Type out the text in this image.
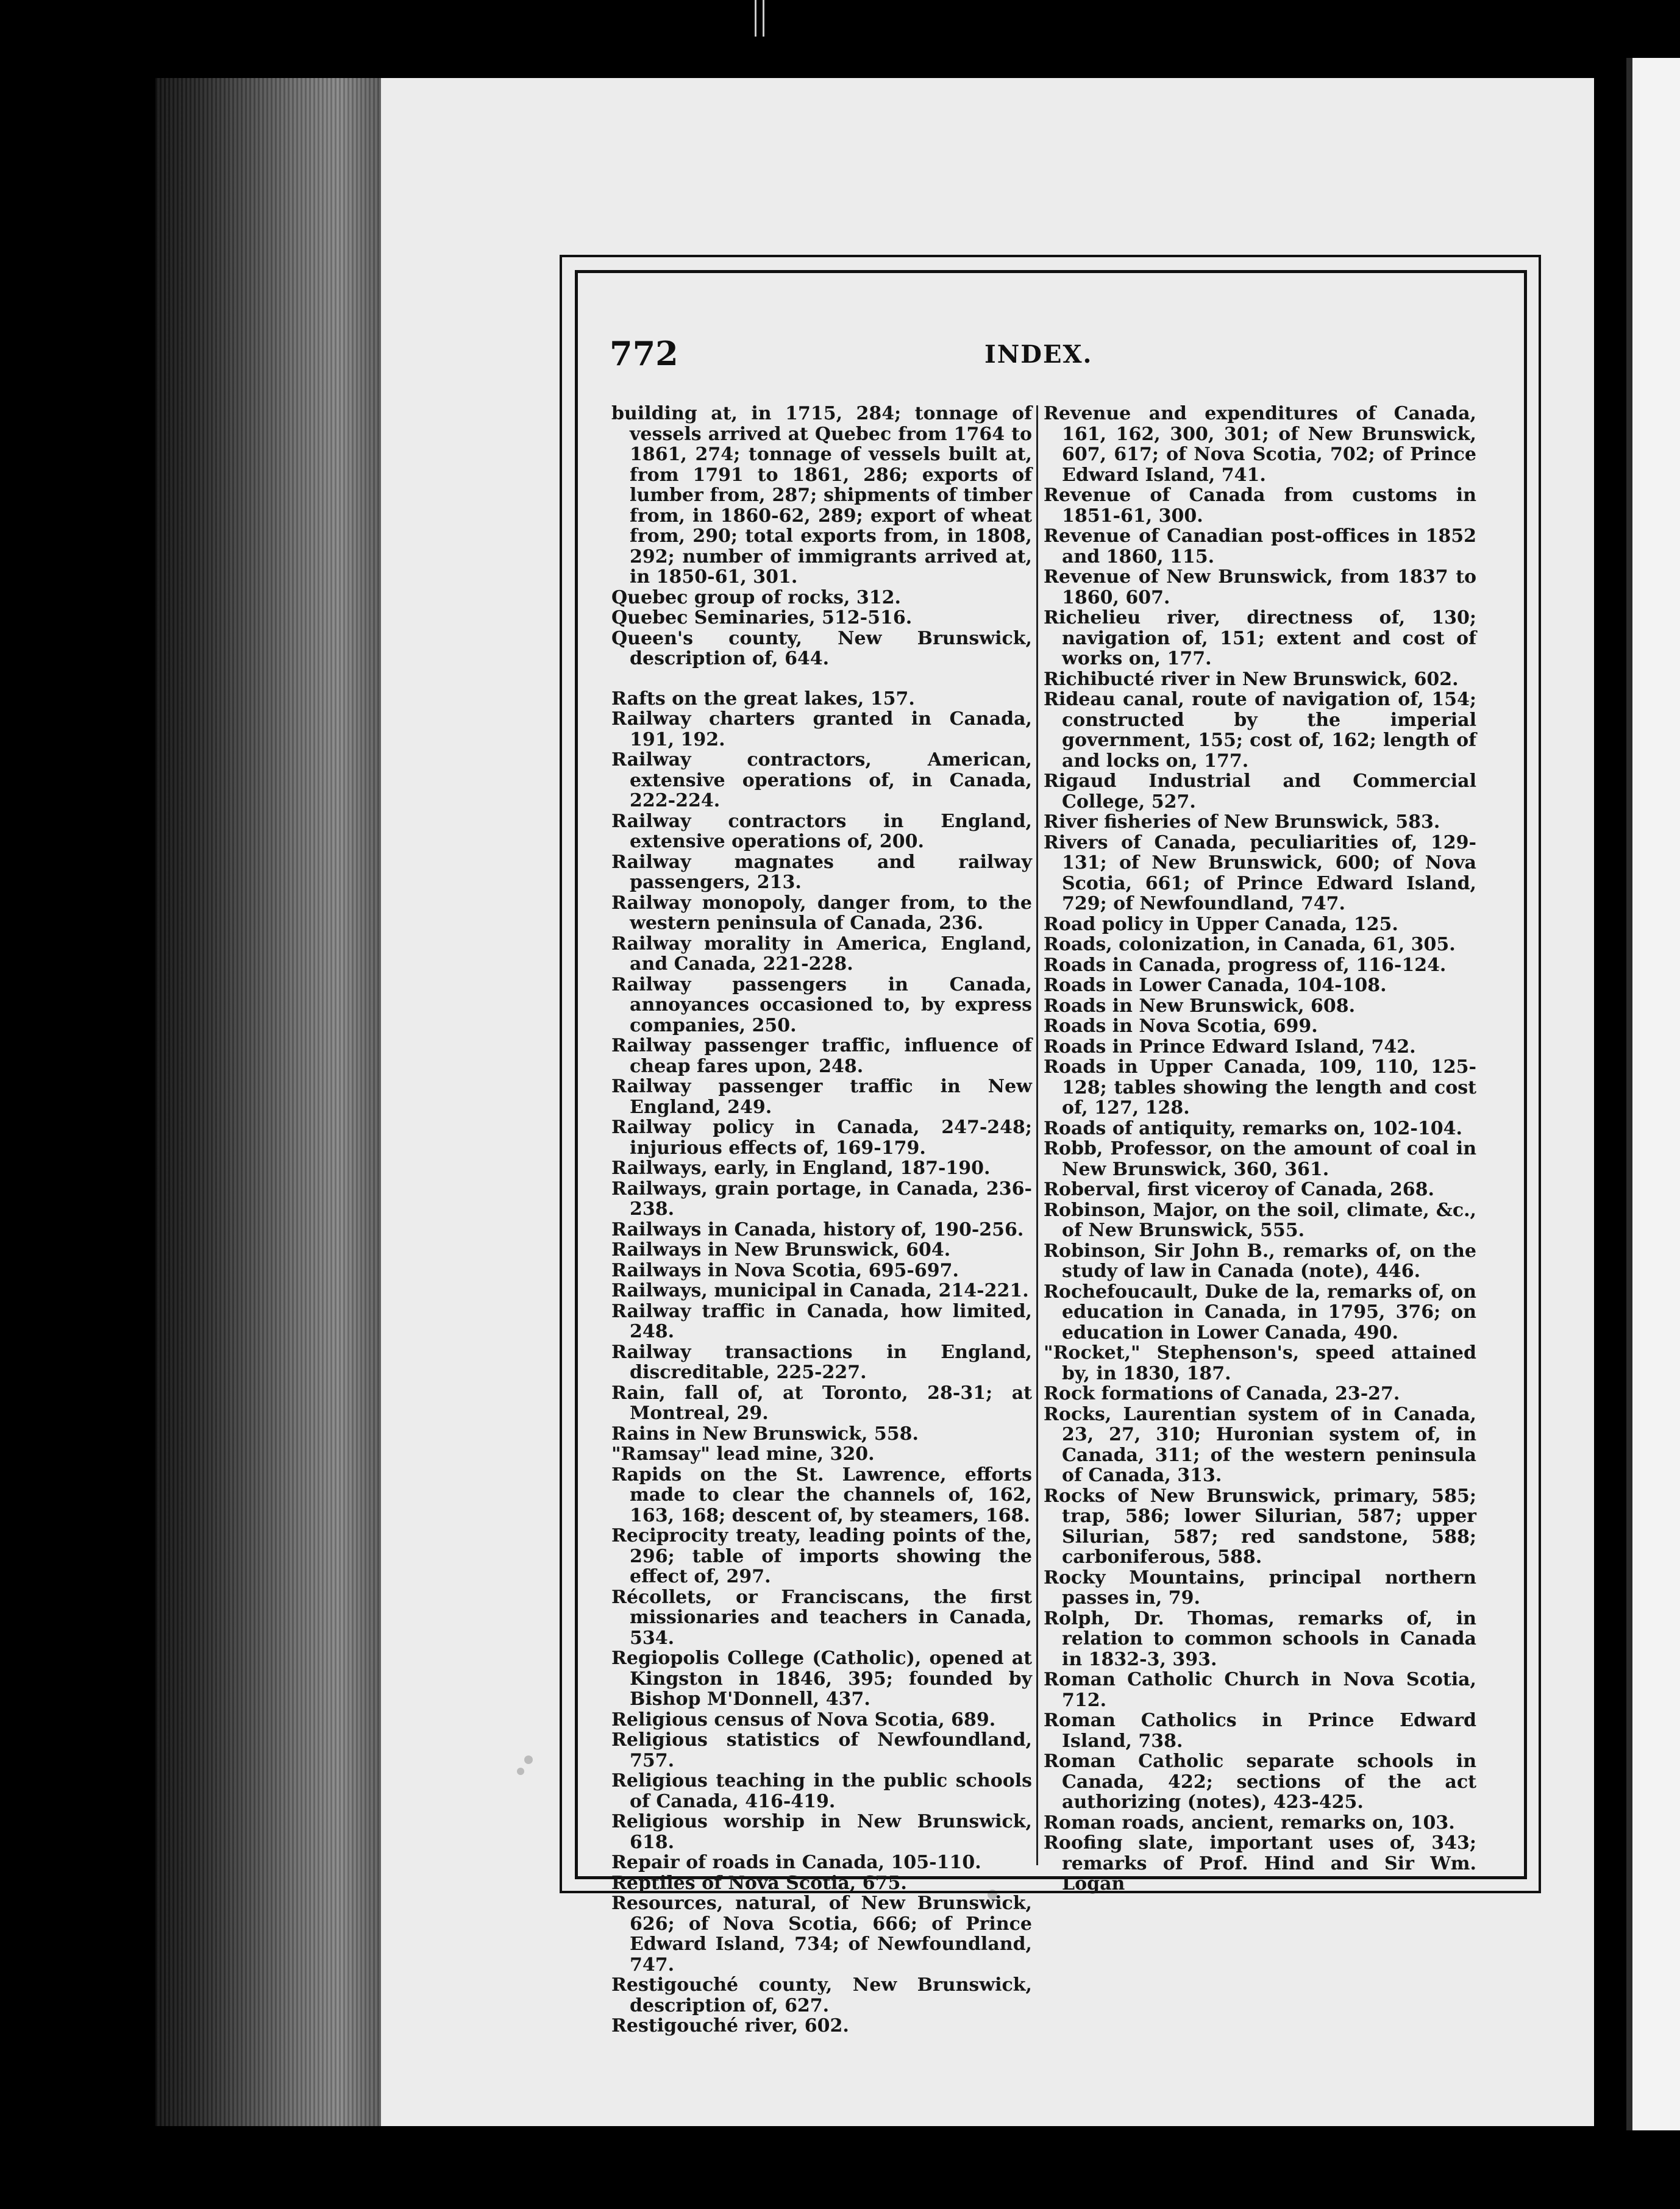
772	INDEX.
building at, in 1715, 284; tonnage of vessels arrived at Quebec from 1764 to 1861, 274; tonnage of vessels built at, from 1791 to 1861, 286; exports of lumber from, 287; shipments of timber from, in 1860-62, 289; export of wheat from, 290; total exports from, in 1808, 292; number of immigrants arrived at, in 1850-61, 301.
Quebec group of rocks, 312.
Quebec Seminaries, 512-516.
Queen's county, New Brunswick, description of, 644.
Rafts on the great lakes, 157.
Railway charters granted in Canada, 191, 192.
Railway contractors, American, extensive operations of, in Canada, 222-224.
Railway contractors in England, extensive operations of, 200.
Railway magnates and railway passengers, 213.
Railway monopoly, danger from, to the western peninsula of Canada, 236.
Railway morality in America, England, and Canada, 221-228.
Railway passengers in Canada, annoyances occasioned to, by express companies, 250.
Railway passenger traffic, influence of cheap fares upon, 248.
Railway passenger traffic in New England, 249.
Railway policy in Canada, 247-248; injurious effects of, 169-179.
Railways, early, in England, 187-190.
Railways, grain portage, in Canada, 236-238.
Railways in Canada, history of, 190-256.
Railways in New Brunswick, 604.
Railways in Nova Scotia, 695-697.
Railways, municipal in Canada, 214-221.
Railway traffic in Canada, how limited, 248.
Railway transactions in England, discreditable, 225-227.
Rain, fall of, at Toronto, 28-31; at Montreal, 29.
Rains in New Brunswick, 558.
"Ramsay" lead mine, 320.
Rapids on the St. Lawrence, efforts made to clear the channels of, 162, 163, 168; descent of, by steamers, 168.
Reciprocity treaty, leading points of the, 296; table of imports showing the effect of, 297.
Récollets, or Franciscans, the first missionaries and teachers in Canada, 534.
Regiopolis College (Catholic), opened at Kingston in 1846, 395; founded by Bishop M'Donnell, 437.
Religious census of Nova Scotia, 689.
Religious statistics of Newfoundland, 757.
Religious teaching in the public schools of Canada, 416-419.
Religious worship in New Brunswick, 618.
Repair of roads in Canada, 105-110.
Reptiles of Nova Scotia, 675.
Resources, natural, of New Brunswick, 626; of Nova Scotia, 666; of Prince Edward Island, 734; of Newfoundland, 747.
Restigouché county, New Brunswick, description of, 627.
Restigouché river, 602.
Revenue and expenditures of Canada, 161, 162, 300, 301; of New Brunswick, 607, 617; of Nova Scotia, 702; of Prince Edward Island, 741.
Revenue of Canada from customs in 1851-61, 300.
Revenue of Canadian post-offices in 1852 and 1860, 115.
Revenue of New Brunswick, from 1837 to 1860, 607.
Richelieu river, directness of, 130; navigation of, 151; extent and cost of works on, 177.
Richibucté river in New Brunswick, 602.
Rideau canal, route of navigation of, 154; constructed by the imperial government, 155; cost of, 162; length of and locks on, 177.
Rigaud Industrial and Commercial College, 527.
River fisheries of New Brunswick, 583.
Rivers of Canada, peculiarities of, 129-131; of New Brunswick, 600; of Nova Scotia, 661; of Prince Edward Island, 729; of Newfoundland, 747.
Road policy in Upper Canada, 125.
Roads, colonization, in Canada, 61, 305.
Roads in Canada, progress of, 116-124.
Roads in Lower Canada, 104-108.
Roads in New Brunswick, 608.
Roads in Nova Scotia, 699.
Roads in Prince Edward Island, 742.
Roads in Upper Canada, 109, 110, 125-128; tables showing the length and cost of, 127, 128.
Roads of antiquity, remarks on, 102-104.
Robb, Professor, on the amount of coal in New Brunswick, 360, 361.
Roberval, first viceroy of Canada, 268.
Robinson, Major, on the soil, climate, &c., of New Brunswick, 555.
Robinson, Sir John B., remarks of, on the study of law in Canada (note), 446.
Rochefoucault, Duke de la, remarks of, on education in Canada, in 1795, 376; on education in Lower Canada, 490.
"Rocket," Stephenson's, speed attained by, in 1830, 187.
Rock formations of Canada, 23-27.
Rocks, Laurentian system of in Canada, 23, 27, 310; Huronian system of, in Canada, 311; of the western peninsula of Canada, 313.
Rocks of New Brunswick, primary, 585; trap, 586; lower Silurian, 587; upper Silurian, 587; red sandstone, 588; carboniferous, 588.
Rocky Mountains, principal northern passes in, 79.
Rolph, Dr. Thomas, remarks of, in relation to common schools in Canada in 1832-3, 393.
Roman Catholic Church in Nova Scotia, 712.
Roman Catholics in Prince Edward Island, 738.
Roman Catholic separate schools in Canada, 422; sections of the act authorizing (notes), 423-425.
Roman roads, ancient, remarks on, 103.
Roofing slate, important uses of, 343; remarks of Prof. Hind and Sir Wm. Logan
